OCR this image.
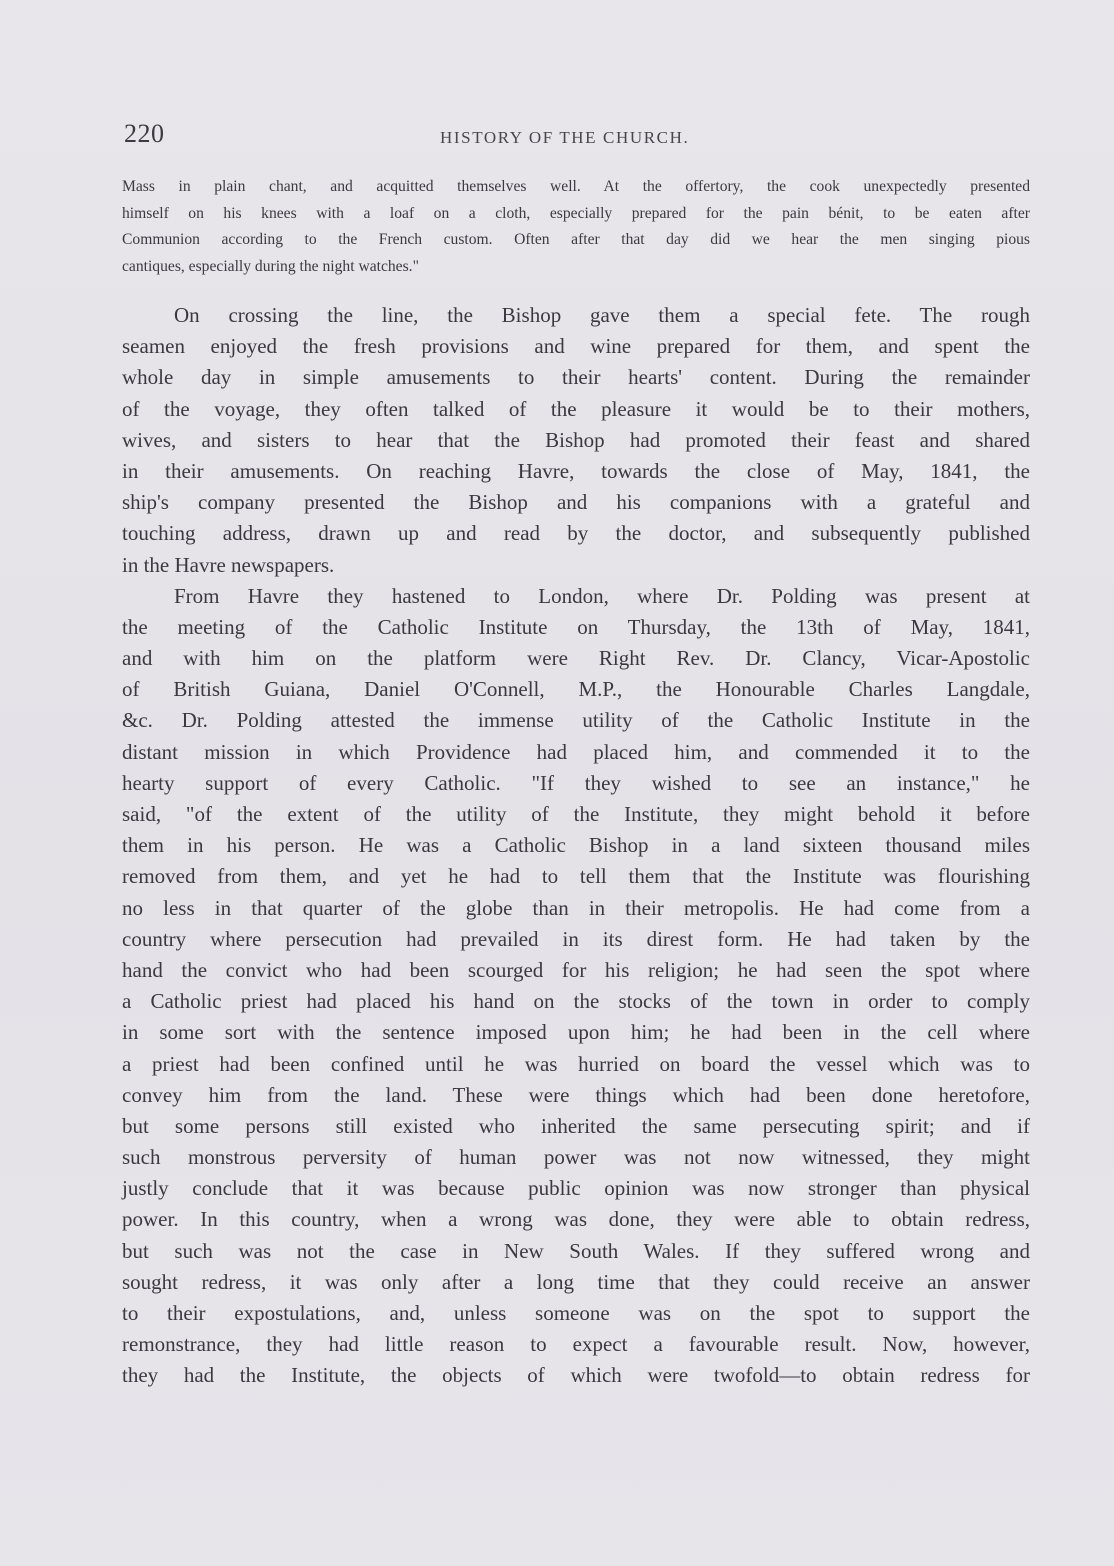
220	HISTORY OF THE CHURCH.

Mass in plain chant, and acquitted themselves well. At the offertory, the cook unexpectedly presented

himself on his knees with a loaf on a cloth, especially prepared for the pain bénit, to be eaten after

Communion according to the French custom. Often after that day did we hear the men singing pious

cantiques, especially during the night watches."

On crossing the line, the Bishop gave them a special fete. The rough
seamen enjoyed the fresh provisions and wine prepared for them, and spent the
whole day in simple amusements to their hearts' content. During the remainder
of the voyage, they often talked of the pleasure it would be to their mothers,
wives, and sisters to hear that the Bishop had promoted their feast and shared
in their amusements. On reaching Havre, towards the close of May, 1841, the
ship's company presented the Bishop and his companions with a grateful and
touching address, drawn up and read by the doctor, and subsequently published
in the Havre newspapers.
From Havre they hastened to London, where Dr. Polding was present at
the meeting of the Catholic Institute on Thursday, the 13th of May, 1841,
and with him on the platform were Right Rev. Dr. Clancy, Vicar-Apostolic
of British Guiana, Daniel O'Connell, M.P., the Honourable Charles Langdale,
&c. Dr. Polding attested the immense utility of the Catholic Institute in the
distant mission in which Providence had placed him, and commended it to the
hearty support of every Catholic. "If they wished to see an instance," he
said, "of the extent of the utility of the Institute, they might behold it before
them in his person. He was a Catholic Bishop in a land sixteen thousand miles
removed from them, and yet he had to tell them that the Institute was flourishing
no less in that quarter of the globe than in their metropolis. He had come from a
country where persecution had prevailed in its direst form. He had taken by the
hand the convict who had been scourged for his religion; he had seen the spot where
a Catholic priest had placed his hand on the stocks of the town in order to comply
in some sort with the sentence imposed upon him; he had been in the cell where
a priest had been confined until he was hurried on board the vessel which was to
convey him from the land. These were things which had been done heretofore,
but some persons still existed who inherited the same persecuting spirit; and if
such monstrous perversity of human power was not now witnessed, they might
justly conclude that it was because public opinion was now stronger than physical
power. In this country, when a wrong was done, they were able to obtain redress,
but such was not the case in New South Wales. If they suffered wrong and
sought redress, it was only after a long time that they could receive an answer
to their expostulations, and, unless someone was on the spot to support the
remonstrance, they had little reason to expect a favourable result. Now, however,
they had the Institute, the objects of which were twofold—to obtain redress for
